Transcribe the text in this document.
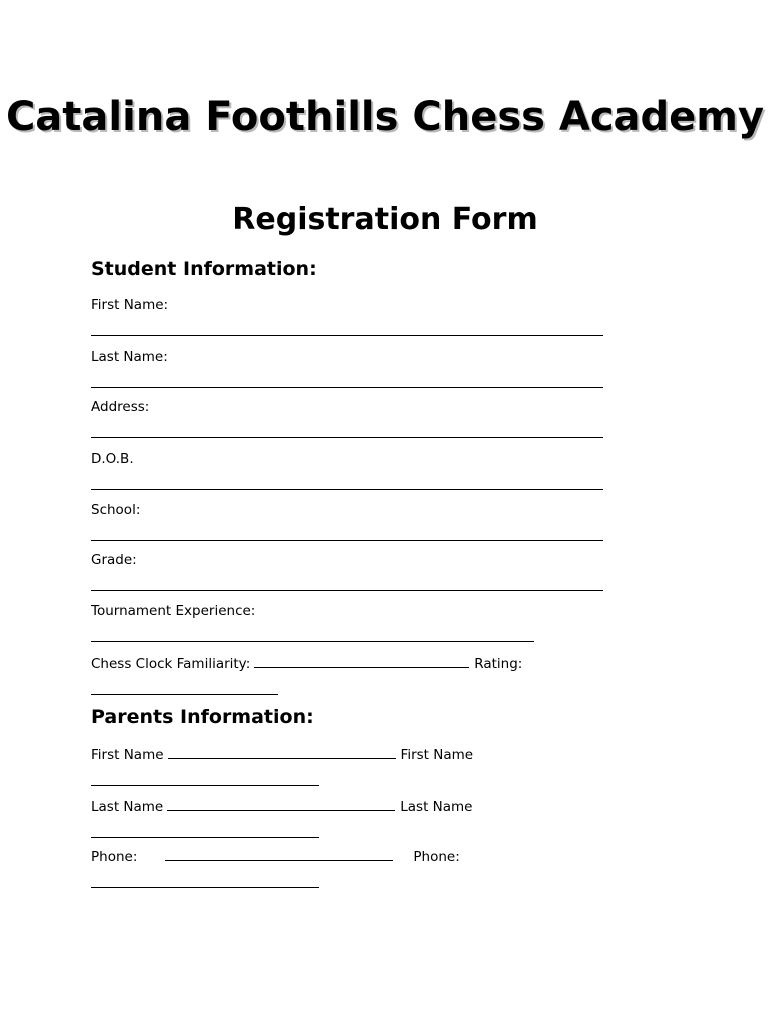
Catalina Foothills Chess Academy
Registration Form
Student Information:
First Name:
Last Name:
Address:
D.O.B.
School:
Grade:
Tournament Experience:
Chess Clock Familiarity:	Rating:
Parents Information:
First Name	First Name
Last Name	Last Name
Phone:	Phone:
